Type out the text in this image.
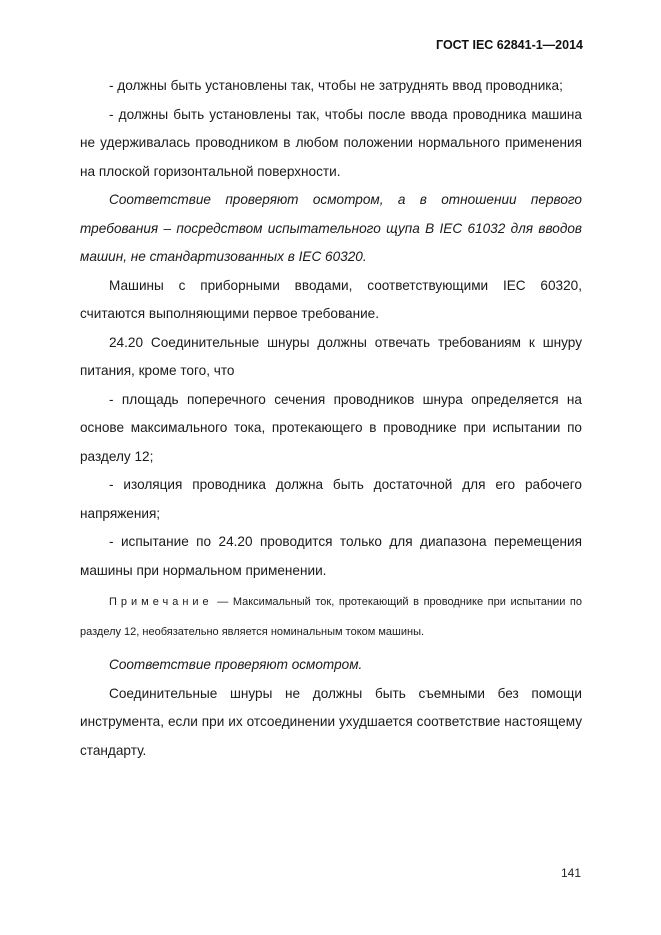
ГОСТ IEC 62841-1—2014

- должны быть установлены так, чтобы не затруднять ввод проводника;

- должны быть установлены так, чтобы после ввода проводника машина не удерживалась проводником в любом положении нормального применения на плоской горизонтальной поверхности.

Соответствие проверяют осмотром, а в отношении первого требования – посредством испытательного щупа B IEC 61032 для вводов машин, не стандартизованных в IEC 60320.

Машины с приборными вводами, соответствующими IEC 60320, считаются выполняющими первое требование.

24.20 Соединительные шнуры должны отвечать требованиям к шнуру питания, кроме того, что

- площадь поперечного сечения проводников шнура определяется на основе максимального тока, протекающего в проводнике при испытании по разделу 12;

- изоляция проводника должна быть достаточной для его рабочего напряжения;

- испытание по 24.20 проводится только для диапазона перемещения машины при нормальном применении.

Примечание — Максимальный ток, протекающий в проводнике при испытании по разделу 12, необязательно является номинальным током машины.

Соответствие проверяют осмотром.

Соединительные шнуры не должны быть съемными без помощи инструмента, если при их отсоединении ухудшается соответствие настоящему стандарту.

141
